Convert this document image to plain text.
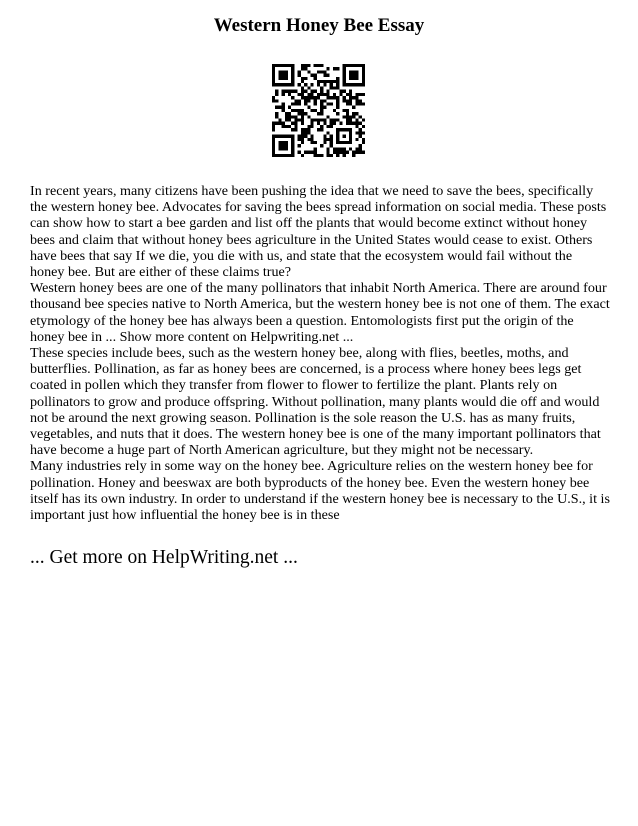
Western Honey Bee Essay

In recent years, many citizens have been pushing the idea that we need to save the bees, specifically the western honey bee. Advocates for saving the bees spread information on social media. These posts can show how to start a bee garden and list off the plants that would become extinct without honey bees and claim that without honey bees agriculture in the United States would cease to exist. Others have bees that say If we die, you die with us, and state that the ecosystem would fail without the honey bee. But are either of these claims true?

Western honey bees are one of the many pollinators that inhabit North America. There are around four thousand bee species native to North America, but the western honey bee is not one of them. The exact etymology of the honey bee has always been a question. Entomologists first put the origin of the honey bee in ... Show more content on Helpwriting.net ...

These species include bees, such as the western honey bee, along with flies, beetles, moths, and butterflies. Pollination, as far as honey bees are concerned, is a process where honey bees legs get coated in pollen which they transfer from flower to flower to fertilize the plant. Plants rely on pollinators to grow and produce offspring. Without pollination, many plants would die off and would not be around the next growing season. Pollination is the sole reason the U.S. has as many fruits, vegetables, and nuts that it does. The western honey bee is one of the many important pollinators that have become a huge part of North American agriculture, but they might not be necessary.

Many industries rely in some way on the honey bee. Agriculture relies on the western honey bee for pollination. Honey and beeswax are both byproducts of the honey bee. Even the western honey bee itself has its own industry. In order to understand if the western honey bee is necessary to the U.S., it is important just how influential the honey bee is in these

... Get more on HelpWriting.net ...
